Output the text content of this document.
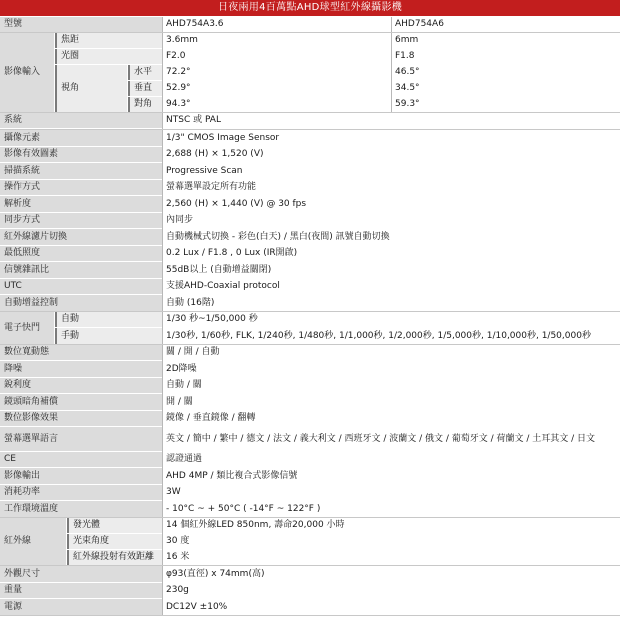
日夜兩用4百萬點AHD球型紅外線攝影機
型號	AHD754A3.6	AHD754A6
影像輸入
焦距	3.6mm	6mm
光圈	F2.0	F1.8
視角
水平	72.2°	46.5°
垂直	52.9°	34.5°
對角	94.3°	59.3°
系統	NTSC 或 PAL
攝像元素	1/3" CMOS Image Sensor
影像有效圖素	2,688 (H) × 1,520 (V)
掃描系統	Progressive Scan
操作方式	螢幕選單設定所有功能
解析度	2,560 (H) × 1,440 (V) @ 30 fps
同步方式	內同步
紅外線濾片切換	自動機械式切換 - 彩色(白天) / 黑白(夜間) 訊號自動切換
最低照度	0.2 Lux / F1.8 , 0 Lux (IR開啟)
信號雜訊比	55dB以上 (自動增益關閉)
UTC	支援AHD-Coaxial protocol
自動增益控制	自動 (16階)
電子快門
自動	1/30 秒~1/50,000 秒
手動	1/30秒, 1/60秒, FLK, 1/240秒, 1/480秒, 1/1,000秒, 1/2,000秒, 1/5,000秒, 1/10,000秒, 1/50,000秒
數位寬動態	關 / 開 / 自動
降噪	2D降噪
銳利度	自動 / 關
鏡頭暗角補償	開 / 關
數位影像效果	鏡像 / 垂直鏡像 / 翻轉
螢幕選單語言	英文 / 簡中 / 繁中 / 德文 / 法文 / 義大利文 / 西班牙文 / 波蘭文 / 俄文 / 葡萄牙文 / 荷蘭文 / 土耳其文 / 日文
CE	認證通過
影像輸出	AHD 4MP / 類比複合式影像信號
消耗功率	3W
工作環境溫度	- 10°C ~ + 50°C ( -14°F ~ 122°F )
紅外線
發光體	14 個紅外線LED 850nm, 壽命20,000 小時
光束角度	30 度
紅外線投射有效距離	16 米
外觀尺寸	φ93(直徑) x 74mm(高)
重量	230g
電源	DC12V ±10%
